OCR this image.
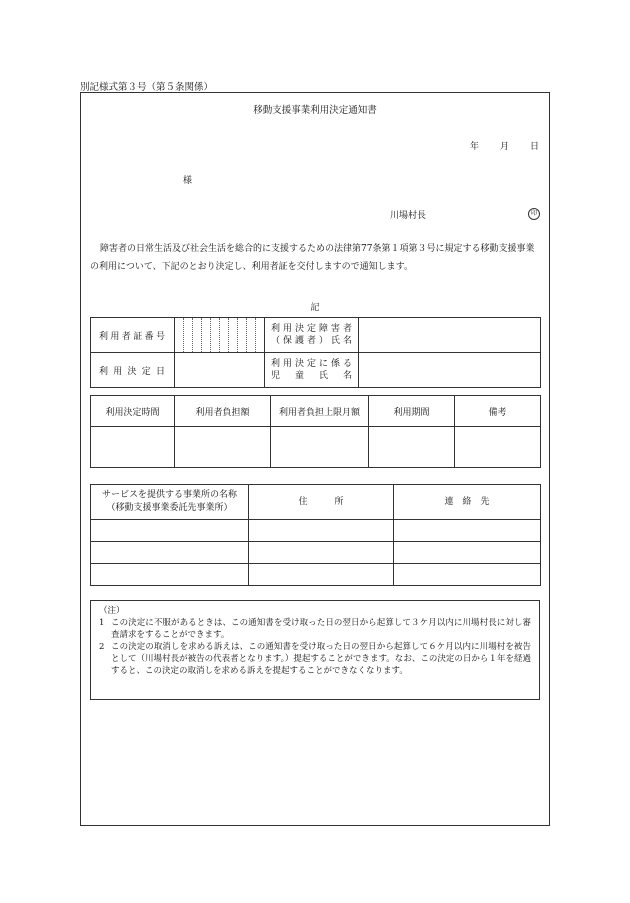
別記様式第３号（第５条関係）
移動支援事業利用決定通知書
年 月 日
様
川場村長	印
障害者の日常生活及び社会生活を総合的に支援するための法律第77条第１項第３号に規定する移動支援事業の利用について、下記のとおり決定し、利用者証を交付しますので通知します。
記
利用者証番号		利用決定障害者
（保護者）氏名	

利用決定日		利用決定に係る
児童氏名	

利用決定時間	利用者負担額	利用者負担上限月額	利用期間	備考

サービスを提供する事業所の名称
（移動支援事業委託先事業所）	住　　　所	連　絡　先

（注）
1 この決定に不服があるときは、この通知書を受け取った日の翌日から起算して３ケ月以内に川場村長に対し審査請求をすることができます。
2 この決定の取消しを求める訴えは、この通知書を受け取った日の翌日から起算して６ケ月以内に川場村を被告として（川場村長が被告の代表者となります。）提起することができます。なお、この決定の日から１年を経過すると、この決定の取消しを求める訴えを提起することができなくなります。
